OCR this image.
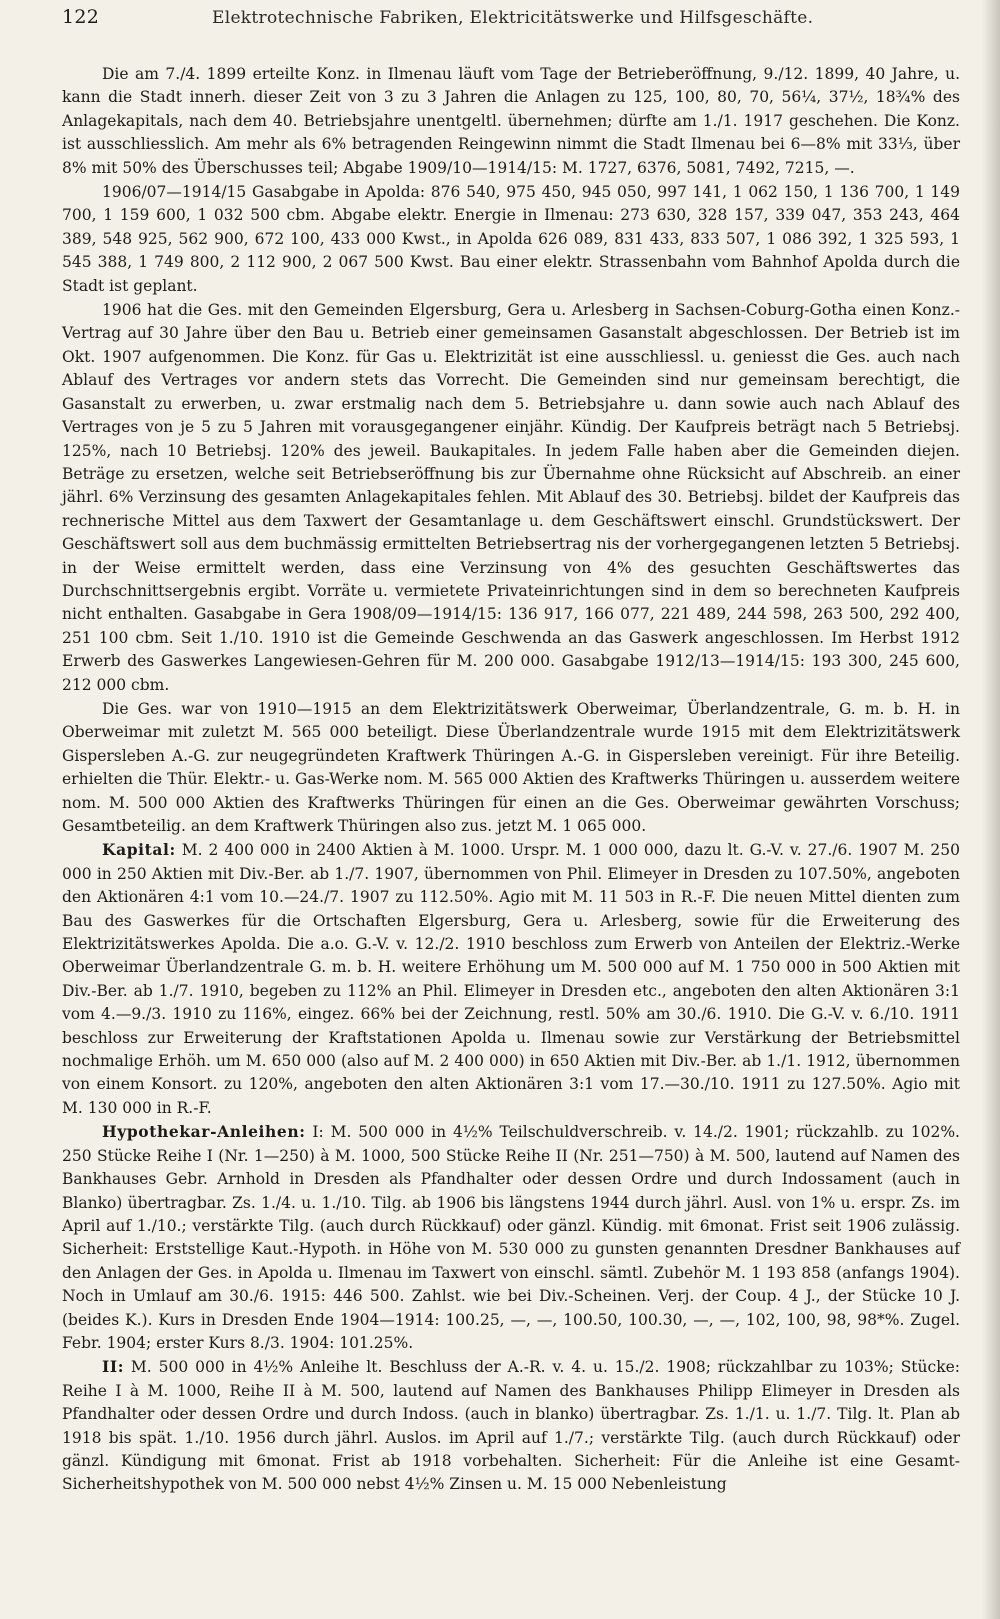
122	Elektrotechnische Fabriken, Elektricitätswerke und Hilfsgeschäfte.

Die am 7./4. 1899 erteilte Konz. in Ilmenau läuft vom Tage der Betrieberöffnung, 9./12. 1899, 40 Jahre, u. kann die Stadt innerh. dieser Zeit von 3 zu 3 Jahren die Anlagen zu 125, 100, 80, 70, 56¼, 37½, 18¾% des Anlagekapitals, nach dem 40. Betriebsjahre unentgeltl. übernehmen; dürfte am 1./1. 1917 geschehen. Die Konz. ist ausschliesslich. Am mehr als 6% betragenden Reingewinn nimmt die Stadt Ilmenau bei 6—8% mit 33⅓, über 8% mit 50% des Überschusses teil; Abgabe 1909/10—1914/15: M. 1727, 6376, 5081, 7492, 7215, —.

1906/07—1914/15 Gasabgabe in Apolda: 876 540, 975 450, 945 050, 997 141, 1 062 150, 1 136 700, 1 149 700, 1 159 600, 1 032 500 cbm. Abgabe elektr. Energie in Ilmenau: 273 630, 328 157, 339 047, 353 243, 464 389, 548 925, 562 900, 672 100, 433 000 Kwst., in Apolda 626 089, 831 433, 833 507, 1 086 392, 1 325 593, 1 545 388, 1 749 800, 2 112 900, 2 067 500 Kwst. Bau einer elektr. Strassenbahn vom Bahnhof Apolda durch die Stadt ist geplant.

1906 hat die Ges. mit den Gemeinden Elgersburg, Gera u. Arlesberg in Sachsen-Coburg-Gotha einen Konz.-Vertrag auf 30 Jahre über den Bau u. Betrieb einer gemeinsamen Gasanstalt abgeschlossen. Der Betrieb ist im Okt. 1907 aufgenommen. Die Konz. für Gas u. Elektrizität ist eine ausschliessl. u. geniesst die Ges. auch nach Ablauf des Vertrages vor andern stets das Vorrecht. Die Gemeinden sind nur gemeinsam berechtigt, die Gasanstalt zu erwerben, u. zwar erstmalig nach dem 5. Betriebsjahre u. dann sowie auch nach Ablauf des Vertrages von je 5 zu 5 Jahren mit vorausgegangener einjähr. Kündig. Der Kaufpreis beträgt nach 5 Betriebsj. 125%, nach 10 Betriebsj. 120% des jeweil. Baukapitales. In jedem Falle haben aber die Gemeinden diejen. Beträge zu ersetzen, welche seit Betriebseröffnung bis zur Übernahme ohne Rücksicht auf Abschreib. an einer jährl. 6% Verzinsung des gesamten Anlagekapitales fehlen. Mit Ablauf des 30. Betriebsj. bildet der Kaufpreis das rechnerische Mittel aus dem Taxwert der Gesamtanlage u. dem Geschäftswert einschl. Grundstückswert. Der Geschäftswert soll aus dem buchmässig ermittelten Betriebsertrag nis der vorhergegangenen letzten 5 Betriebsj. in der Weise ermittelt werden, dass eine Verzinsung von 4% des gesuchten Geschäftswertes das Durchschnittsergebnis ergibt. Vorräte u. vermietete Privateinrichtungen sind in dem so berechneten Kaufpreis nicht enthalten. Gasabgabe in Gera 1908/09—1914/15: 136 917, 166 077, 221 489, 244 598, 263 500, 292 400, 251 100 cbm. Seit 1./10. 1910 ist die Gemeinde Geschwenda an das Gaswerk angeschlossen. Im Herbst 1912 Erwerb des Gaswerkes Langewiesen-Gehren für M. 200 000. Gasabgabe 1912/13—1914/15: 193 300, 245 600, 212 000 cbm.

Die Ges. war von 1910—1915 an dem Elektrizitätswerk Oberweimar, Überlandzentrale, G. m. b. H. in Oberweimar mit zuletzt M. 565 000 beteiligt. Diese Überlandzentrale wurde 1915 mit dem Elektrizitätswerk Gispersleben A.-G. zur neugegründeten Kraftwerk Thüringen A.-G. in Gispersleben vereinigt. Für ihre Beteilig. erhielten die Thür. Elektr.- u. Gas-Werke nom. M. 565 000 Aktien des Kraftwerks Thüringen u. ausserdem weitere nom. M. 500 000 Aktien des Kraftwerks Thüringen für einen an die Ges. Oberweimar gewährten Vorschuss; Gesamtbeteilig. an dem Kraftwerk Thüringen also zus. jetzt M. 1 065 000.

Kapital: M. 2 400 000 in 2400 Aktien à M. 1000. Urspr. M. 1 000 000, dazu lt. G.-V. v. 27./6. 1907 M. 250 000 in 250 Aktien mit Div.-Ber. ab 1./7. 1907, übernommen von Phil. Elimeyer in Dresden zu 107.50%, angeboten den Aktionären 4:1 vom 10.—24./7. 1907 zu 112.50%. Agio mit M. 11 503 in R.-F. Die neuen Mittel dienten zum Bau des Gaswerkes für die Ortschaften Elgersburg, Gera u. Arlesberg, sowie für die Erweiterung des Elektrizitätswerkes Apolda. Die a.o. G.-V. v. 12./2. 1910 beschloss zum Erwerb von Anteilen der Elektriz.-Werke Oberweimar Überlandzentrale G. m. b. H. weitere Erhöhung um M. 500 000 auf M. 1 750 000 in 500 Aktien mit Div.-Ber. ab 1./7. 1910, begeben zu 112% an Phil. Elimeyer in Dresden etc., angeboten den alten Aktionären 3:1 vom 4.—9./3. 1910 zu 116%, eingez. 66% bei der Zeichnung, restl. 50% am 30./6. 1910. Die G.-V. v. 6./10. 1911 beschloss zur Erweiterung der Kraftstationen Apolda u. Ilmenau sowie zur Verstärkung der Betriebsmittel nochmalige Erhöh. um M. 650 000 (also auf M. 2 400 000) in 650 Aktien mit Div.-Ber. ab 1./1. 1912, übernommen von einem Konsort. zu 120%, angeboten den alten Aktionären 3:1 vom 17.—30./10. 1911 zu 127.50%. Agio mit M. 130 000 in R.-F.

Hypothekar-Anleihen: I: M. 500 000 in 4½% Teilschuldverschreib. v. 14./2. 1901; rückzahlb. zu 102%. 250 Stücke Reihe I (Nr. 1—250) à M. 1000, 500 Stücke Reihe II (Nr. 251—750) à M. 500, lautend auf Namen des Bankhauses Gebr. Arnhold in Dresden als Pfandhalter oder dessen Ordre und durch Indossament (auch in Blanko) übertragbar. Zs. 1./4. u. 1./10. Tilg. ab 1906 bis längstens 1944 durch jährl. Ausl. von 1% u. erspr. Zs. im April auf 1./10.; verstärkte Tilg. (auch durch Rückkauf) oder gänzl. Kündig. mit 6monat. Frist seit 1906 zulässig. Sicherheit: Erststellige Kaut.-Hypoth. in Höhe von M. 530 000 zu gunsten genannten Dresdner Bankhauses auf den Anlagen der Ges. in Apolda u. Ilmenau im Taxwert von einschl. sämtl. Zubehör M. 1 193 858 (anfangs 1904). Noch in Umlauf am 30./6. 1915: 446 500. Zahlst. wie bei Div.-Scheinen. Verj. der Coup. 4 J., der Stücke 10 J. (beides K.). Kurs in Dresden Ende 1904—1914: 100.25, —, —, 100.50, 100.30, —, —, 102, 100, 98, 98*%. Zugel. Febr. 1904; erster Kurs 8./3. 1904: 101.25%.

II: M. 500 000 in 4½% Anleihe lt. Beschluss der A.-R. v. 4. u. 15./2. 1908; rückzahlbar zu 103%; Stücke: Reihe I à M. 1000, Reihe II à M. 500, lautend auf Namen des Bankhauses Philipp Elimeyer in Dresden als Pfandhalter oder dessen Ordre und durch Indoss. (auch in blanko) übertragbar. Zs. 1./1. u. 1./7. Tilg. lt. Plan ab 1918 bis spät. 1./10. 1956 durch jährl. Auslos. im April auf 1./7.; verstärkte Tilg. (auch durch Rückkauf) oder gänzl. Kündigung mit 6monat. Frist ab 1918 vorbehalten. Sicherheit: Für die Anleihe ist eine Gesamt-Sicherheitshypothek von M. 500 000 nebst 4½% Zinsen u. M. 15 000 Nebenleistung
